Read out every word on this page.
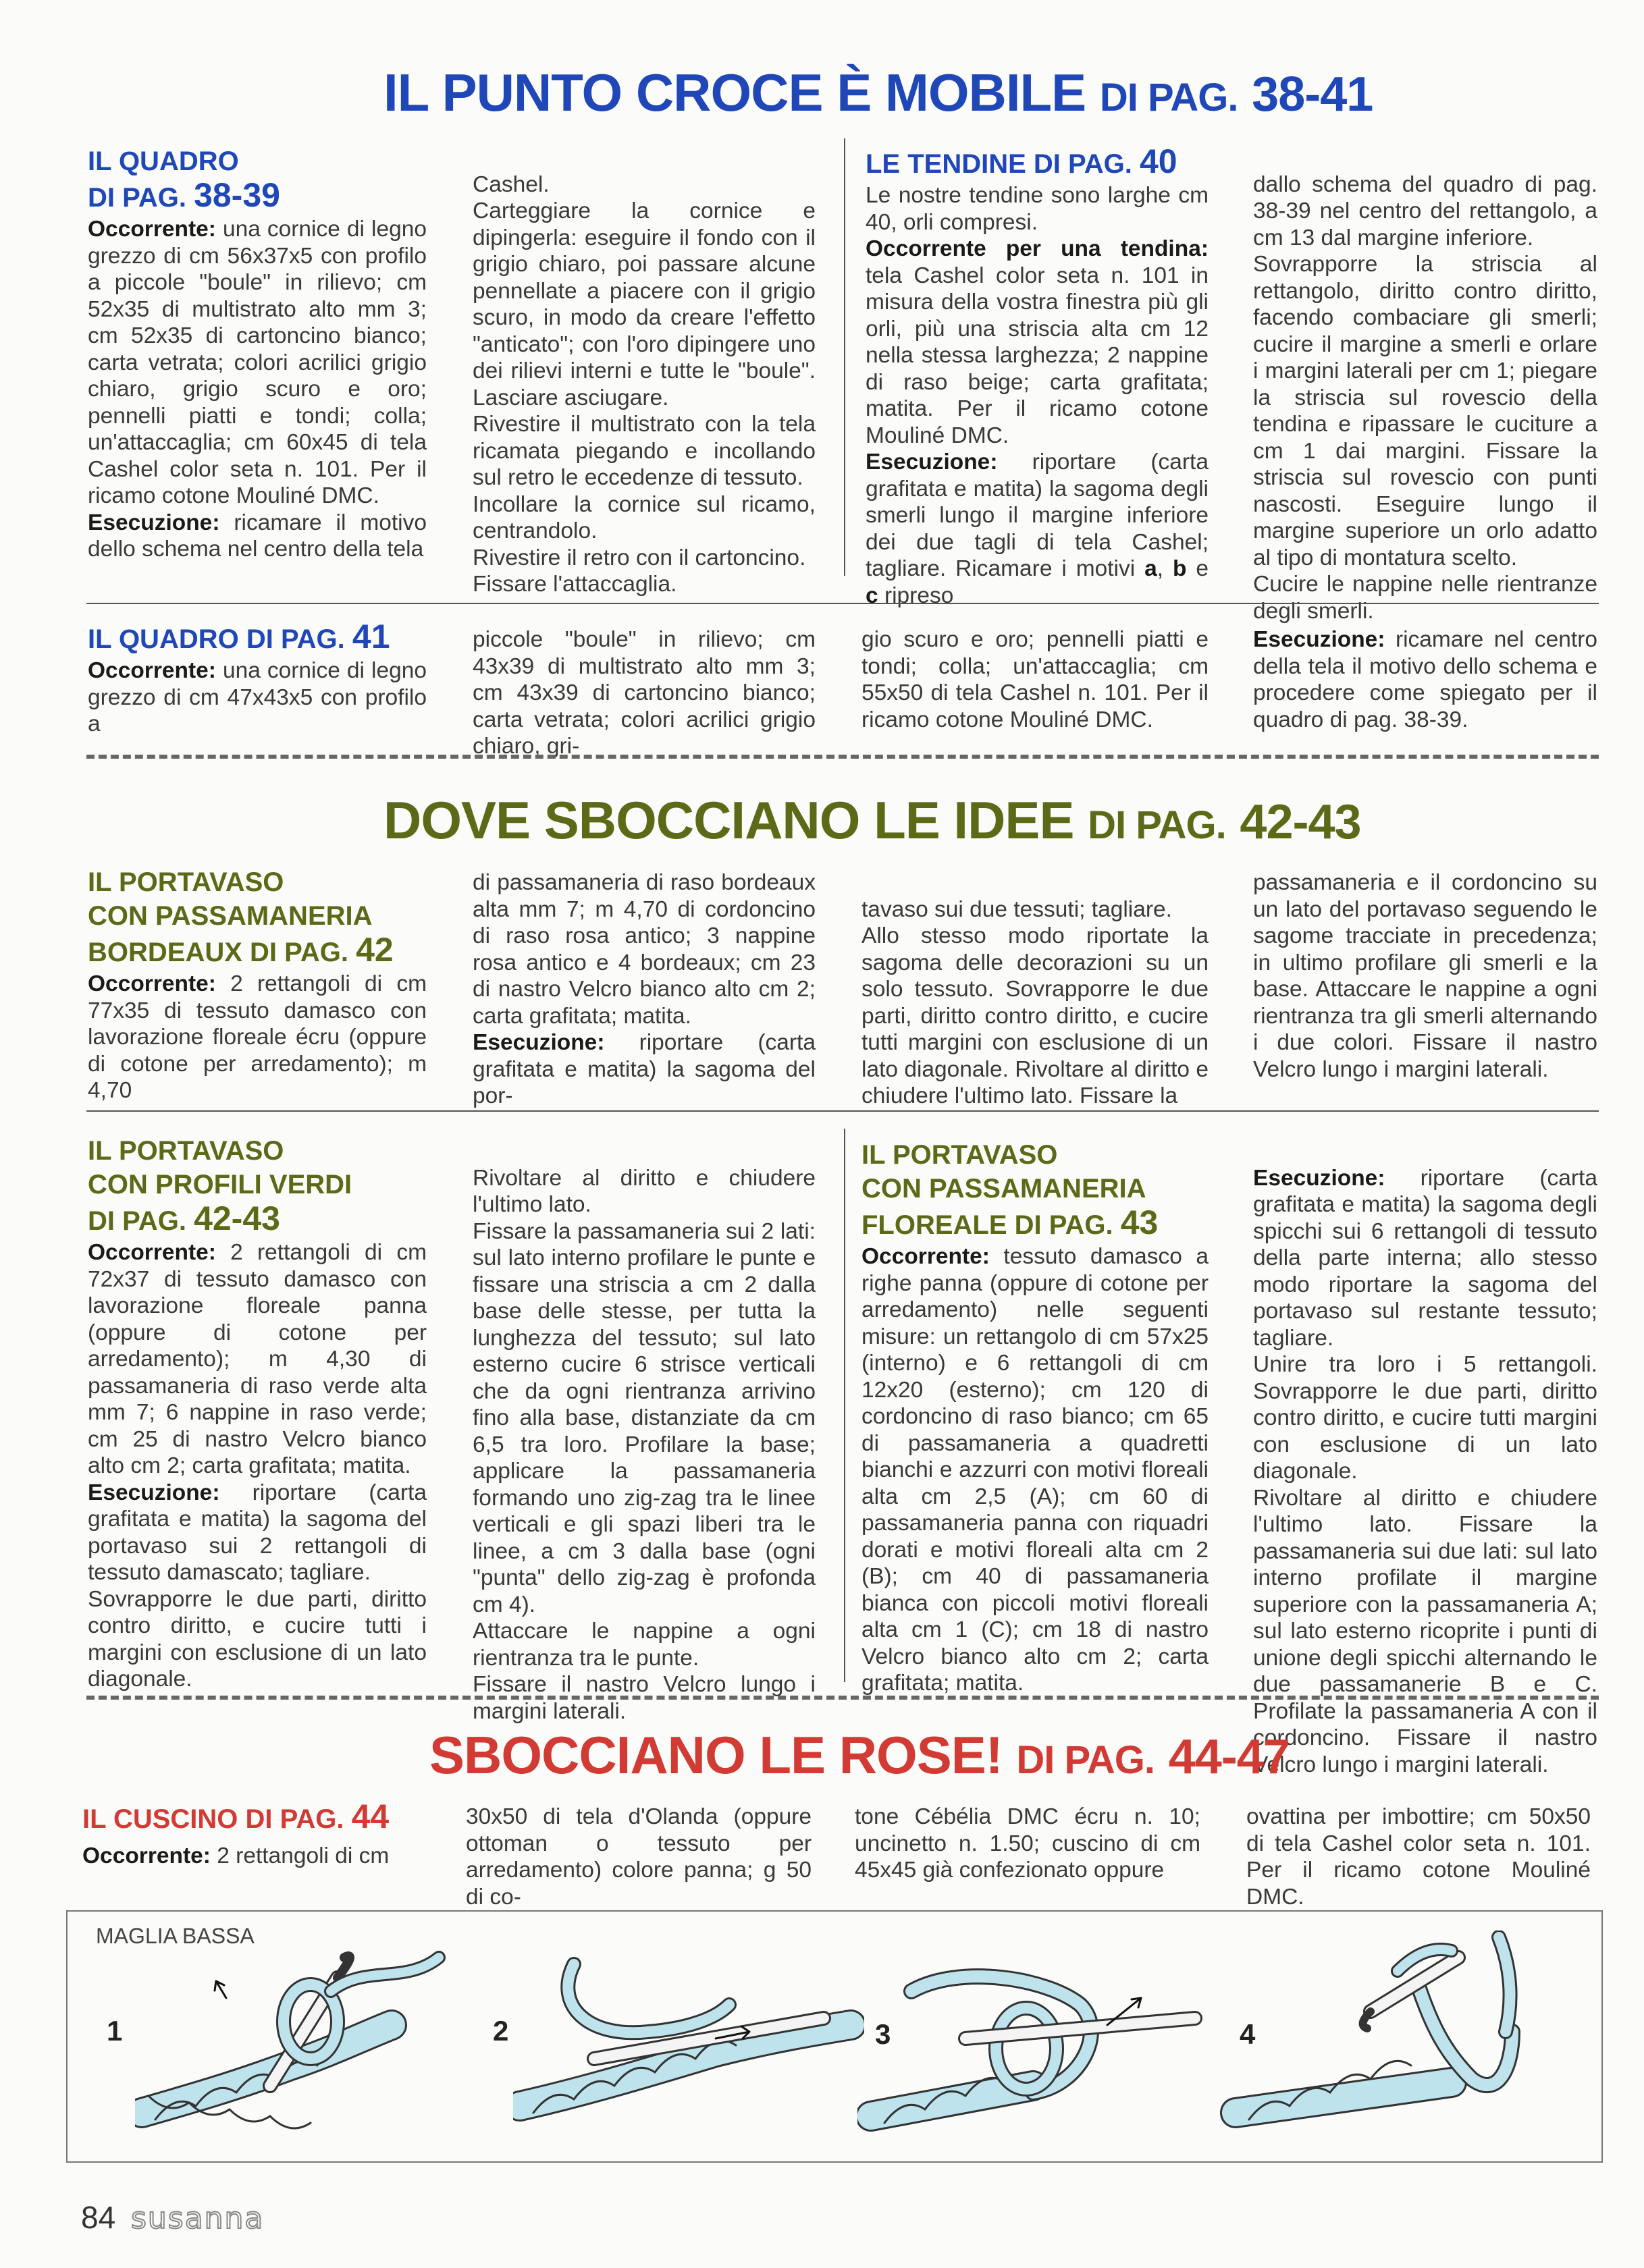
IL PUNTO CROCE È MOBILE DI PAG. 38-41
IL QUADRO
DI PAG. 38-39

Occorrente: una cornice di legno grezzo di cm 56x37x5 con profilo a piccole "boule" in rilievo; cm 52x35 di multistrato alto mm 3; cm 52x35 di cartoncino bianco; carta vetrata; colori acrilici grigio chiaro, grigio scuro e oro; pennelli piatti e tondi; colla; un'attaccaglia; cm 60x45 di tela Cashel color seta n. 101. Per il ricamo cotone Mouliné DMC.

Esecuzione: ricamare il motivo dello schema nel centro della tela

Cashel.
Carteggiare la cornice e dipingerla: eseguire il fondo con il grigio chiaro, poi passare alcune pennellate a piacere con il grigio scuro, in modo da creare l'effetto "anticato"; con l'oro dipingere uno dei rilievi interni e tutte le "boule". Lasciare asciugare.
Rivestire il multistrato con la tela ricamata piegando e incollando sul retro le eccedenze di tessuto.
Incollare la cornice sul ricamo, centrandolo.
Rivestire il retro con il cartoncino.
Fissare l'attaccaglia.

LE TENDINE DI PAG. 40

Le nostre tendine sono larghe cm 40, orli compresi.

Occorrente per una tendina: tela Cashel color seta n. 101 in misura della vostra finestra più gli orli, più una striscia alta cm 12 nella stessa larghezza; 2 nappine di raso beige; carta grafitata; matita. Per il ricamo cotone Mouliné DMC.

Esecuzione: riportare (carta grafitata e matita) la sagoma degli smerli lungo il margine inferiore dei due tagli di tela Cashel; tagliare. Ricamare i motivi a, b e c ripreso

dallo schema del quadro di pag. 38-39 nel centro del rettangolo, a cm 13 dal margine inferiore.
Sovrapporre la striscia al rettangolo, diritto contro diritto, facendo combaciare gli smerli; cucire il margine a smerli e orlare i margini laterali per cm 1; piegare la striscia sul rovescio della tendina e ripassare le cuciture a cm 1 dai margini. Fissare la striscia sul rovescio con punti nascosti. Eseguire lungo il margine superiore un orlo adatto al tipo di montatura scelto.
Cucire le nappine nelle rientranze degli smerli.

IL QUADRO DI PAG. 41

Occorrente: una cornice di legno grezzo di cm 47x43x5 con profilo a

piccole "boule" in rilievo; cm 43x39 di multistrato alto mm 3; cm 43x39 di cartoncino bianco; carta vetrata; colori acrilici grigio chiaro, gri-
gio scuro e oro; pennelli piatti e tondi; colla; un'attaccaglia; cm 55x50 di tela Cashel n. 101. Per il ricamo cotone Mouliné DMC.
Esecuzione: ricamare nel centro della tela il motivo dello schema e procedere come spiegato per il quadro di pag. 38-39.
DOVE SBOCCIANO LE IDEE DI PAG. 42-43
IL PORTAVASO
CON PASSAMANERIA
BORDEAUX DI PAG. 42

Occorrente: 2 rettangoli di cm 77x35 di tessuto damasco con lavorazione floreale écru (oppure di cotone per arredamento); m 4,70

di passamaneria di raso bordeaux alta mm 7; m 4,70 di cordoncino di raso rosa antico; 3 nappine rosa antico e 4 bordeaux; cm 23 di nastro Velcro bianco alto cm 2; carta grafitata; matita.

Esecuzione: riportare (carta grafitata e matita) la sagoma del por-

tavaso sui due tessuti; tagliare.
Allo stesso modo riportate la sagoma delle decorazioni su un solo tessuto. Sovrapporre le due parti, diritto contro diritto, e cucire tutti margini con esclusione di un lato diagonale. Rivoltare al diritto e chiudere l'ultimo lato. Fissare la

passamaneria e il cordoncino su un lato del portavaso seguendo le sagome tracciate in precedenza; in ultimo profilare gli smerli e la base. Attaccare le nappine a ogni rientranza tra gli smerli alternando i due colori. Fissare il nastro Velcro lungo i margini laterali.
IL PORTAVASO
CON PROFILI VERDI
DI PAG. 42-43

Occorrente: 2 rettangoli di cm 72x37 di tessuto damasco con lavorazione floreale panna (oppure di cotone per arredamento); m 4,30 di passamaneria di raso verde alta mm 7; 6 nappine in raso verde; cm 25 di nastro Velcro bianco alto cm 2; carta grafitata; matita.

Esecuzione: riportare (carta grafitata e matita) la sagoma del portavaso sui 2 rettangoli di tessuto damascato; tagliare.
Sovrapporre le due parti, diritto contro diritto, e cucire tutti i margini con esclusione di un lato diagonale.

Rivoltare al diritto e chiudere l'ultimo lato.
Fissare la passamaneria sui 2 lati: sul lato interno profilare le punte e fissare una striscia a cm 2 dalla base delle stesse, per tutta la lunghezza del tessuto; sul lato esterno cucire 6 strisce verticali che da ogni rientranza arrivino fino alla base, distanziate da cm 6,5 tra loro. Profilare la base; applicare la passamaneria formando uno zig-zag tra le linee verticali e gli spazi liberi tra le linee, a cm 3 dalla base (ogni "punta" dello zig-zag è profonda cm 4).
Attaccare le nappine a ogni rientranza tra le punte.
Fissare il nastro Velcro lungo i margini laterali.

IL PORTAVASO
CON PASSAMANERIA
FLOREALE DI PAG. 43

Occorrente: tessuto damasco a righe panna (oppure di cotone per arredamento) nelle seguenti misure: un rettangolo di cm 57x25 (interno) e 6 rettangoli di cm 12x20 (esterno); cm 120 di cordoncino di raso bianco; cm 65 di passamaneria a quadretti bianchi e azzurri con motivi floreali alta cm 2,5 (A); cm 60 di passamaneria panna con riquadri dorati e motivi floreali alta cm 2 (B); cm 40 di passamaneria bianca con piccoli motivi floreali alta cm 1 (C); cm 18 di nastro Velcro bianco alto cm 2; carta grafitata; matita.

Esecuzione: riportare (carta grafitata e matita) la sagoma degli spicchi sui 6 rettangoli di tessuto della parte interna; allo stesso modo riportare la sagoma del portavaso sul restante tessuto; tagliare.
Unire tra loro i 5 rettangoli. Sovrapporre le due parti, diritto contro diritto, e cucire tutti margini con esclusione di un lato diagonale.
Rivoltare al diritto e chiudere l'ultimo lato. Fissare la passamaneria sui due lati: sul lato interno profilate il margine superiore con la passamaneria A; sul lato esterno ricoprite i punti di unione degli spicchi alternando le due passamanerie B e C. Profilate la passamaneria A con il cordoncino. Fissare il nastro Velcro lungo i margini laterali.

SBOCCIANO LE ROSE! DI PAG. 44-47
IL CUSCINO DI PAG. 44

Occorrente: 2 rettangoli di cm

30x50 di tela d'Olanda (oppure ottoman o tessuto per arredamento) colore panna; g 50 di co-
tone Cébélia DMC écru n. 10; uncinetto n. 1.50; cuscino di cm 45x45 già confezionato oppure
ovattina per imbottire; cm 50x50 di tela Cashel color seta n. 101. Per il ricamo cotone Mouliné DMC.
MAGLIA BASSA
1	2	3	4
84 susanna
